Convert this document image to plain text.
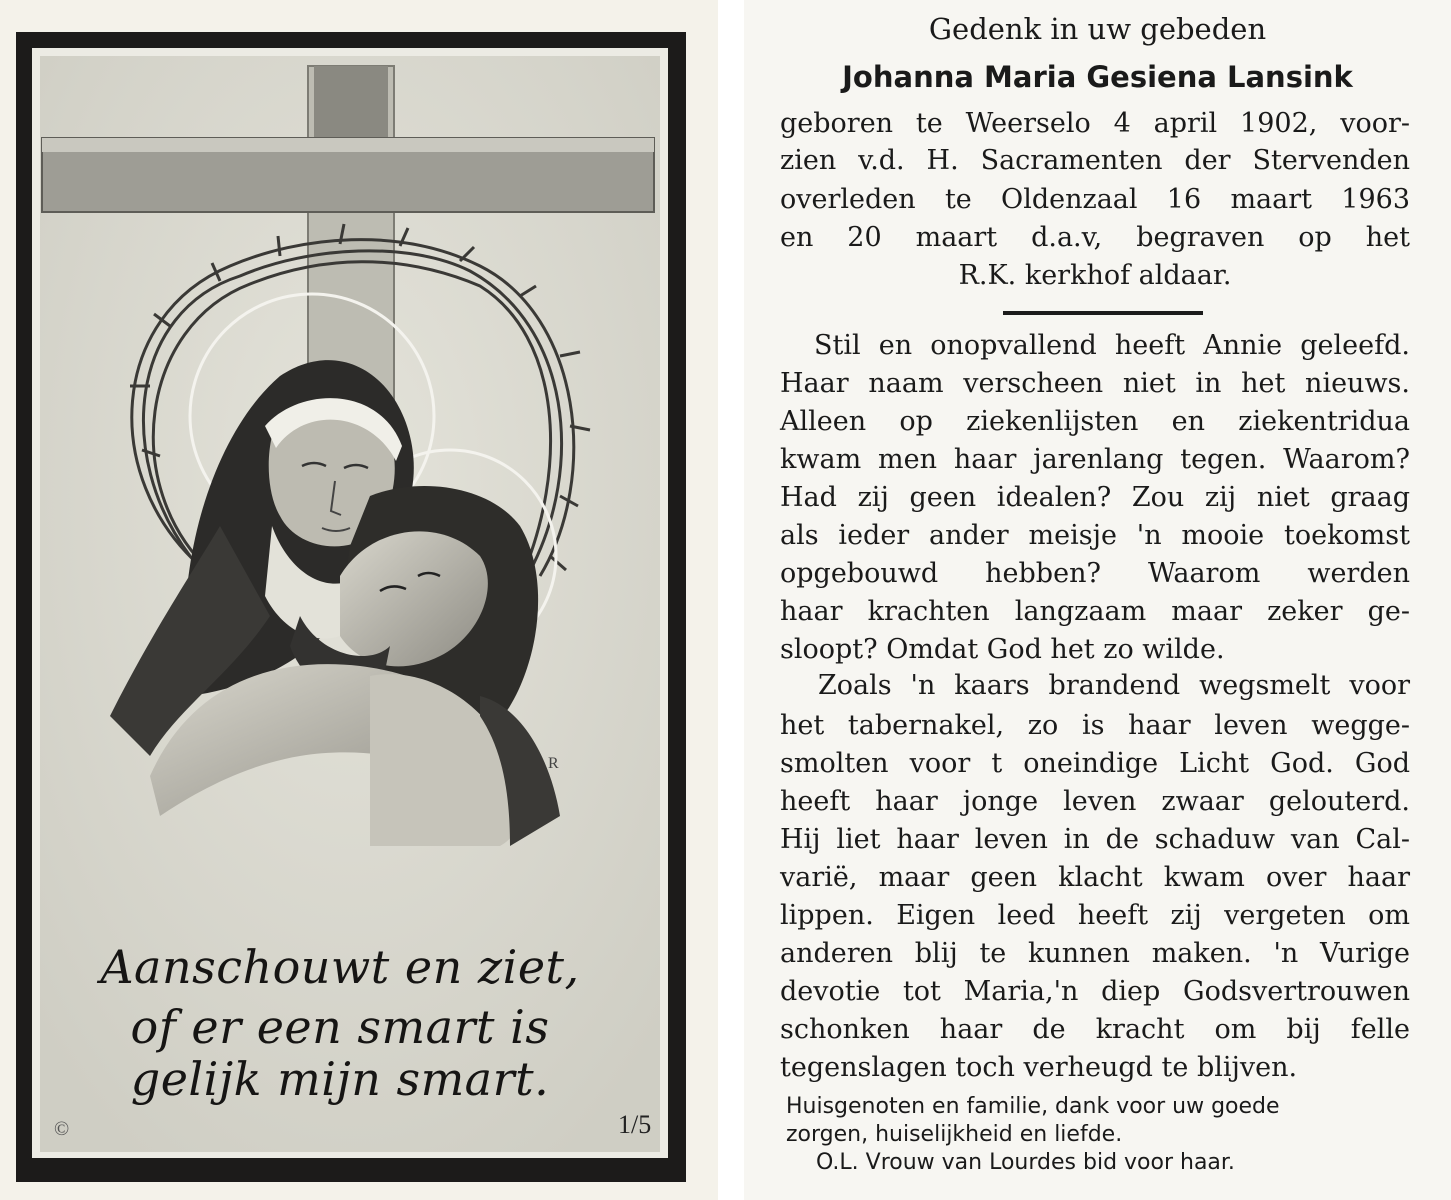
R
Aanschouwt en ziet,
of er een smart is
gelijk mijn smart.
©	1/5
Gedenk in uw gebeden
Johanna Maria Gesiena Lansink
geboren te Weerselo 4 april 1902, voor-
zien v.d. H. Sacramenten der Stervenden
overleden te Oldenzaal 16 maart 1963
en 20 maart d.a.v, begraven op het
R.K. kerkhof aldaar.
Stil en onopvallend heeft Annie geleefd.
Haar naam verscheen niet in het nieuws.
Alleen op ziekenlijsten en ziekentridua
kwam men haar jarenlang tegen. Waarom?
Had zij geen idealen? Zou zij niet graag
als ieder ander meisje 'n mooie toekomst
opgebouwd hebben? Waarom werden
haar krachten langzaam maar zeker ge-
sloopt? Omdat God het zo wilde.
Zoals 'n kaars brandend wegsmelt voor
het tabernakel, zo is haar leven wegge-
smolten voor t oneindige Licht God. God
heeft haar jonge leven zwaar gelouterd.
Hij liet haar leven in de schaduw van Cal-
varië, maar geen klacht kwam over haar
lippen. Eigen leed heeft zij vergeten om
anderen blij te kunnen maken. 'n Vurige
devotie tot Maria,'n diep Godsvertrouwen
schonken haar de kracht om bij felle
tegenslagen toch verheugd te blijven.
Huisgenoten en familie, dank voor uw goede
zorgen, huiselijkheid en liefde.
O.L. Vrouw van Lourdes bid voor haar.
